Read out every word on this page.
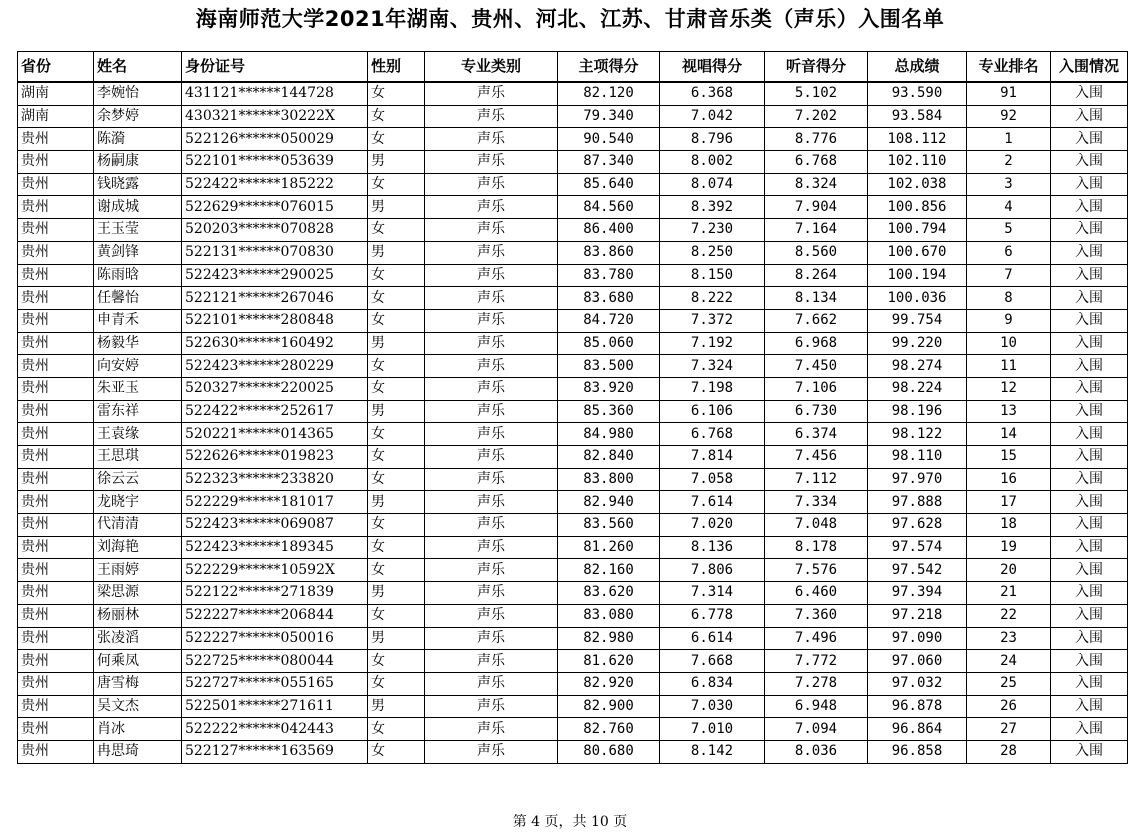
海南师范大学2021年湖南、贵州、河北、江苏、甘肃音乐类（声乐）入围名单
省份	姓名	身份证号	性别	专业类别	主项得分	视唱得分	听音得分	总成绩	专业排名	入围情况
湖南	李婉怡	431121******144728	女	声乐	82.120	6.368	5.102	93.590	91	入围
湖南	余梦婷	430321******30222X	女	声乐	79.340	7.042	7.202	93.584	92	入围
贵州	陈漪	522126******050029	女	声乐	90.540	8.796	8.776	108.112	1	入围
贵州	杨嗣康	522101******053639	男	声乐	87.340	8.002	6.768	102.110	2	入围
贵州	钱晓露	522422******185222	女	声乐	85.640	8.074	8.324	102.038	3	入围
贵州	谢成城	522629******076015	男	声乐	84.560	8.392	7.904	100.856	4	入围
贵州	王玉莹	520203******070828	女	声乐	86.400	7.230	7.164	100.794	5	入围
贵州	黄剑锋	522131******070830	男	声乐	83.860	8.250	8.560	100.670	6	入围
贵州	陈雨晗	522423******290025	女	声乐	83.780	8.150	8.264	100.194	7	入围
贵州	任馨怡	522121******267046	女	声乐	83.680	8.222	8.134	100.036	8	入围
贵州	申青禾	522101******280848	女	声乐	84.720	7.372	7.662	99.754	9	入围
贵州	杨毅华	522630******160492	男	声乐	85.060	7.192	6.968	99.220	10	入围
贵州	向安婷	522423******280229	女	声乐	83.500	7.324	7.450	98.274	11	入围
贵州	朱亚玉	520327******220025	女	声乐	83.920	7.198	7.106	98.224	12	入围
贵州	雷东祥	522422******252617	男	声乐	85.360	6.106	6.730	98.196	13	入围
贵州	王袁缘	520221******014365	女	声乐	84.980	6.768	6.374	98.122	14	入围
贵州	王思琪	522626******019823	女	声乐	82.840	7.814	7.456	98.110	15	入围
贵州	徐云云	522323******233820	女	声乐	83.800	7.058	7.112	97.970	16	入围
贵州	龙晓宇	522229******181017	男	声乐	82.940	7.614	7.334	97.888	17	入围
贵州	代清清	522423******069087	女	声乐	83.560	7.020	7.048	97.628	18	入围
贵州	刘海艳	522423******189345	女	声乐	81.260	8.136	8.178	97.574	19	入围
贵州	王雨婷	522229******10592X	女	声乐	82.160	7.806	7.576	97.542	20	入围
贵州	梁思源	522122******271839	男	声乐	83.620	7.314	6.460	97.394	21	入围
贵州	杨丽林	522227******206844	女	声乐	83.080	6.778	7.360	97.218	22	入围
贵州	张凌滔	522227******050016	男	声乐	82.980	6.614	7.496	97.090	23	入围
贵州	何乘凤	522725******080044	女	声乐	81.620	7.668	7.772	97.060	24	入围
贵州	唐雪梅	522727******055165	女	声乐	82.920	6.834	7.278	97.032	25	入围
贵州	吴文杰	522501******271611	男	声乐	82.900	7.030	6.948	96.878	26	入围
贵州	肖冰	522222******042443	女	声乐	82.760	7.010	7.094	96.864	27	入围
贵州	冉思琦	522127******163569	女	声乐	80.680	8.142	8.036	96.858	28	入围
第 4 页，共 10 页
